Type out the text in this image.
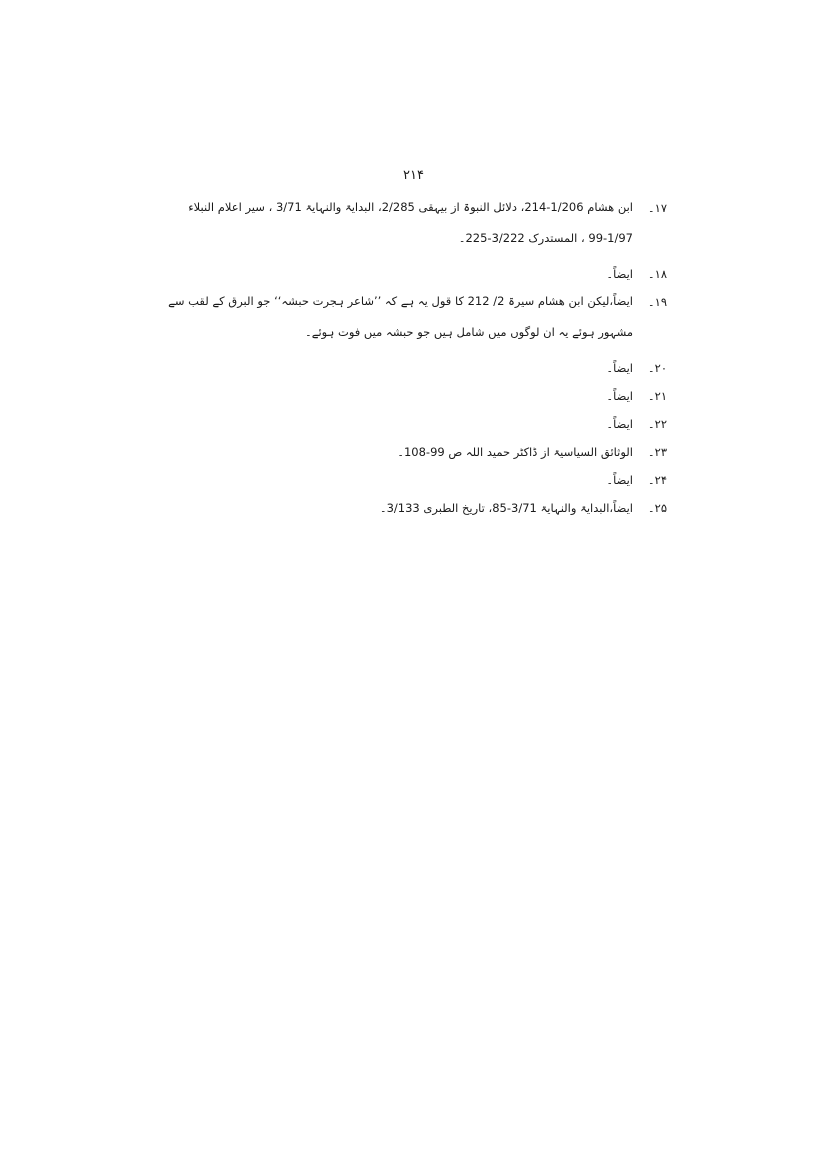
۲۱۴
۱۷۔
ابن ھشام 1/206-214، دلائل النبوۃ از بیہقی 2/285، البدایۃ والنہایۃ 3/71 ، سیر اعلام النبلاء 1/97-99 ، المستدرک 3/222-225۔
۱۸۔
ایضاً۔
۱۹۔
ایضاً،لیکن ابن ھشام سیرۃ 2/ 212 کا قول یہ ہے کہ ’’شاعر ہجرت حبشہ‘‘ جو البرق کے لقب سے مشہور ہوئے یہ ان لوگوں میں شامل ہیں جو حبشہ میں فوت ہوئے۔
۲۰۔
ایضاً۔
۲۱۔
ایضاً۔
۲۲۔
ایضاً۔
۲۳۔
الوثائق السیاسیۃ از ڈاکٹر حمید اللہ ص 99-108۔
۲۴۔
ایضاً۔
۲۵۔
ایضاً،البدایۃ والنہایۃ 3/71-85، تاریخ الطبری 3/133۔
